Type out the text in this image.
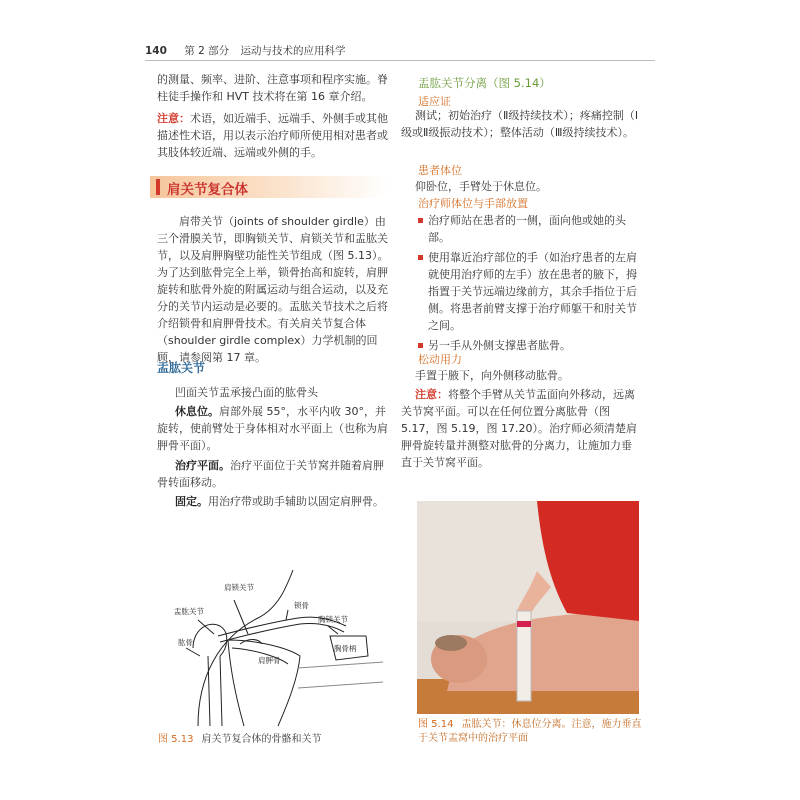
140 第 2 部分 运动与技术的应用科学

的测量、频率、进阶、注意事项和程序实施。脊柱徒手操作和 HVT 技术将在第 16 章介绍。

注意：术语，如近端手、远端手、外侧手或其他描述性术语，用以表示治疗师所使用相对患者或其肢体较近端、远端或外侧的手。

肩关节复合体

肩带关节（joints of shoulder girdle）由三个滑膜关节，即胸锁关节、肩锁关节和盂肱关节，以及肩胛胸壁功能性关节组成（图 5.13）。为了达到肱骨完全上举，锁骨抬高和旋转，肩胛旋转和肱骨外旋的附属运动与组合运动，以及充分的关节内运动是必要的。盂肱关节技术之后将介绍锁骨和肩胛骨技术。有关肩关节复合体（shoulder girdle complex）力学机制的回顾，请参阅第 17 章。

盂肱关节

凹面关节盂承接凸面的肱骨头

休息位。肩部外展 55°，水平内收 30°，并旋转，使前臂处于身体相对水平面上（也称为肩胛骨平面）。

治疗平面。治疗平面位于关节窝并随着肩胛骨转面移动。

固定。用治疗带或助手辅助以固定肩胛骨。

肩锁关节
盂肱关节
锁骨
胸锁关节
肱骨
肩胛骨
胸骨柄
图 5.13 肩关节复合体的骨骼和关节
盂肱关节分离（图 5.14）
适应证

测试；初始治疗（Ⅱ级持续技术）；疼痛控制（Ⅰ级或Ⅱ级振动技术）；整体活动（Ⅲ级持续技术）。

患者体位

仰卧位，手臂处于休息位。

治疗师体位与手部放置

治疗师站在患者的一侧，面向他或她的头部。

使用靠近治疗部位的手（如治疗患者的左肩就使用治疗师的左手）放在患者的腋下，拇指置于关节远端边缘前方，其余手指位于后侧。将患者前臂支撑于治疗师躯干和肘关节之间。

另一手从外侧支撑患者肱骨。

松动用力

手置于腋下，向外侧移动肱骨。

注意：将整个手臂从关节盂面向外移动，远离关节窝平面。可以在任何位置分离肱骨（图 5.17，图 5.19，图 17.20）。治疗师必须清楚肩胛骨旋转量并测整对肱骨的分离力，让施加力垂直于关节窝平面。

图 5.14 盂肱关节：休息位分离。注意，施力垂直于关节盂窝中的治疗平面
